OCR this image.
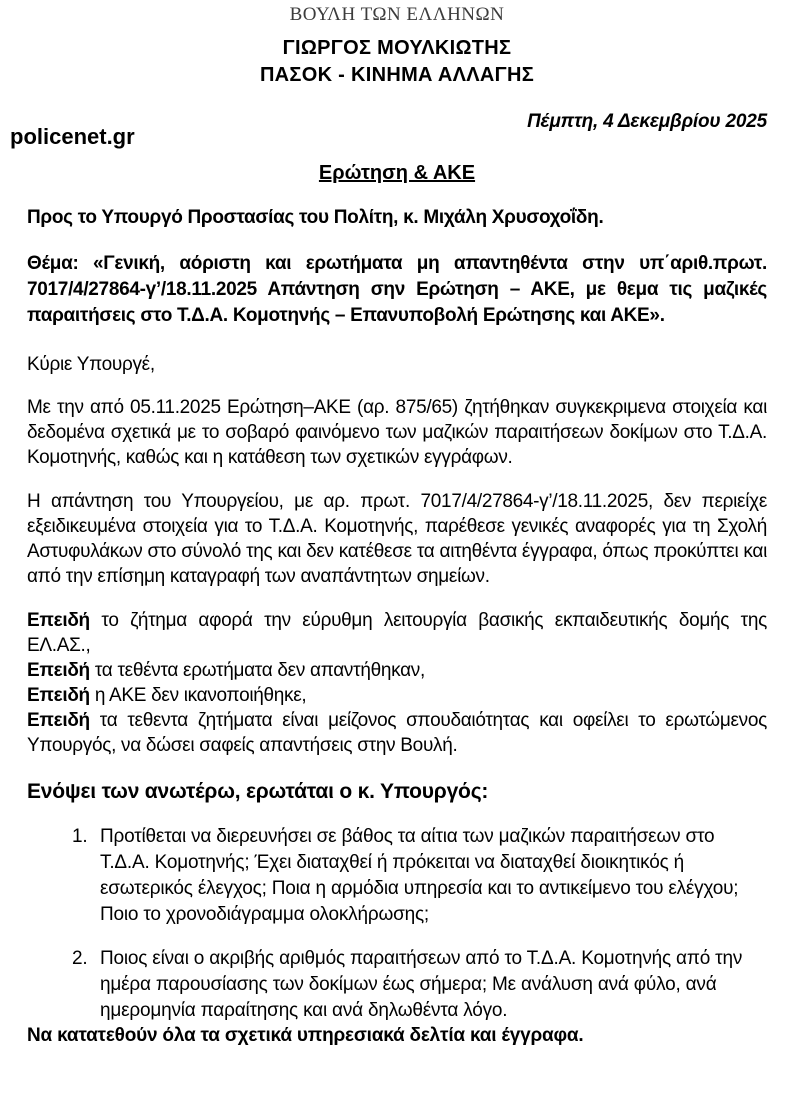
ΒΟΥΛΗ ΤΩΝ ΕΛΛΗΝΩΝ
ΓΙΩΡΓΟΣ ΜΟΥΛΚΙΩΤΗΣ
ΠΑΣΟΚ - ΚΙΝΗΜΑ ΑΛΛΑΓΗΣ
policenet.gr
Πέμπτη, 4 Δεκεμβρίου 2025
Ερώτηση & ΑΚΕ

Προς το Υπουργό Προστασίας του Πολίτη, κ. Μιχάλη Χρυσοχοΐδη.

Θέμα: «Γενική, αόριστη και ερωτήματα μη απαντηθέντα στην υπ΄αριθ.πρωτ. 7017/4/27864-γ’/18.11.2025 Απάντηση σην Ερώτηση – ΑΚΕ, με θεμα τις μαζικές παραιτήσεις στο Τ.Δ.Α. Κομοτηνής – Επανυποβολή Ερώτησης και ΑΚΕ».

Κύριε Υπουργέ,

Με την από 05.11.2025 Ερώτηση–ΑΚΕ (αρ. 875/65) ζητήθηκαν συγκεκριμενα στοιχεία και δεδομένα σχετικά με το σοβαρό φαινόμενο των μαζικών παραιτήσεων δοκίμων στο Τ.Δ.Α. Κομοτηνής, καθώς και η κατάθεση των σχετικών εγγράφων.

Η απάντηση του Υπουργείου, με αρ. πρωτ. 7017/4/27864-γ’/18.11.2025, δεν περιείχε εξειδικευμένα στοιχεία για το Τ.Δ.Α. Κομοτηνής, παρέθεσε γενικές αναφορές για τη Σχολή Αστυφυλάκων στο σύνολό της και δεν κατέθεσε τα αιτηθέντα έγγραφα, όπως προκύπτει και από την επίσημη καταγραφή των αναπάντητων σημείων.

Επειδή το ζήτημα αφορά την εύρυθμη λειτουργία βασικής εκπαιδευτικής δομής της ΕΛ.ΑΣ.,
Επειδή τα τεθέντα ερωτήματα δεν απαντήθηκαν,
Επειδή η ΑΚΕ δεν ικανοποιήθηκε,
Επειδή τα τεθεντα ζητήματα είναι μείζονος σπουδαιότητας και οφείλει το ερωτώμενος Υπουργός, να δώσει σαφείς απαντήσεις στην Βουλή.

Ενόψει των ανωτέρω, ερωτάται ο κ. Υπουργός:

1. Προτίθεται να διερευνήσει σε βάθος τα αίτια των μαζικών παραιτήσεων στο Τ.Δ.Α. Κομοτηνής; Έχει διαταχθεί ή πρόκειται να διαταχθεί διοικητικός ή εσωτερικός έλεγχος; Ποια η αρμόδια υπηρεσία και το αντικείμενο του ελέγχου; Ποιο το χρονοδιάγραμμα ολοκλήρωσης;
2. Ποιος είναι ο ακριβής αριθμός παραιτήσεων από το Τ.Δ.Α. Κομοτηνής από την ημέρα παρουσίασης των δοκίμων έως σήμερα; Με ανάλυση ανά φύλο, ανά ημερομηνία παραίτησης και ανά δηλωθέντα λόγο.

Να κατατεθούν όλα τα σχετικά υπηρεσιακά δελτία και έγγραφα.
